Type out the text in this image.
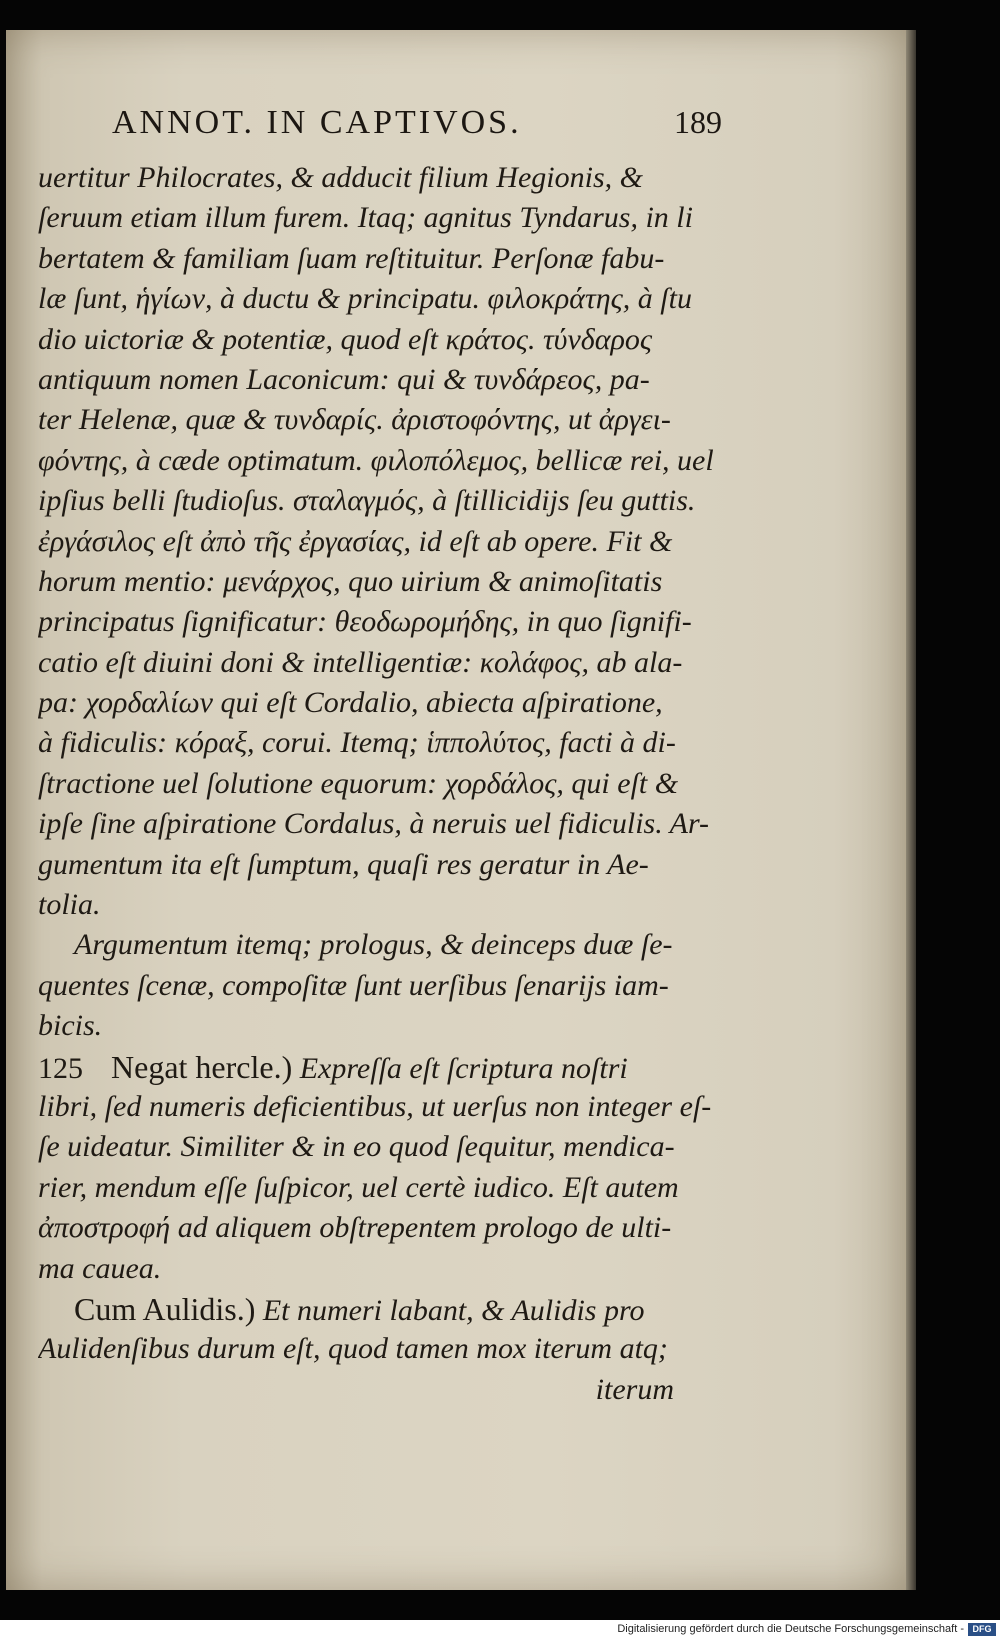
ANNOT. IN CAPTIVOS.	189
uertitur Philocrates, & adducit filium Hegionis, &
ſeruum etiam illum furem. Itaq; agnitus Tyndarus, in li
bertatem & familiam ſuam reſtituitur. Perſonæ fabu-
læ ſunt, ἡγίων, à ductu & principatu. φιλοκράτης, à ſtu
dio uictoriæ & potentiæ, quod eſt κράτος. τύνδαρος
antiquum nomen Laconicum: qui & τυνδάρεος, pa-
ter Helenæ, quæ & τυνδαρίς. ἀριστοφόντης, ut ἀργει-
φόντης, à cæde optimatum. φιλοπόλεμος, bellicæ rei, uel
ipſius belli ſtudioſus. σταλαγμός, à ſtillicidijs ſeu guttis.
ἐργάσιλος eſt ἀπὸ τῆς ἐργασίας, id eſt ab opere. Fit &
horum mentio: μενάρχος, quo uirium & animoſitatis
principatus ſignificatur: θεοδωρομήδης, in quo ſignifi-
catio eſt diuini doni & intelligentiæ: κολάφος, ab ala-
pa: χορδαλίων qui eſt Cordalio, abiecta aſpiratione,
à fidiculis: κόραξ, corui. Itemq; ἱππολύτος, facti à di-
ſtractione uel ſolutione equorum: χορδάλος, qui eſt &
ipſe ſine aſpiratione Cordalus, à neruis uel fidiculis. Ar-
gumentum ita eſt ſumptum, quaſi res geratur in Ae-
tolia.
Argumentum itemq; prologus, & deinceps duæ ſe-
quentes ſcenæ, compoſitæ ſunt uerſibus ſenarijs iam-
bicis.
125 Negat hercle.) Expreſſa eſt ſcriptura noſtri
libri, ſed numeris deficientibus, ut uerſus non integer eſ-
ſe uideatur. Similiter & in eo quod ſequitur, mendica-
rier, mendum eſſe ſuſpicor, uel certè iudico. Eſt autem
ἀποστροφή ad aliquem obſtrepentem prologo de ulti-
ma cauea.
Cum Aulidis.) Et numeri labant, & Aulidis pro
Aulidenſibus durum eſt, quod tamen mox iterum atq;
iterum
Digitalisierung gefördert durch die Deutsche Forschungsgemeinschaft - DFG
